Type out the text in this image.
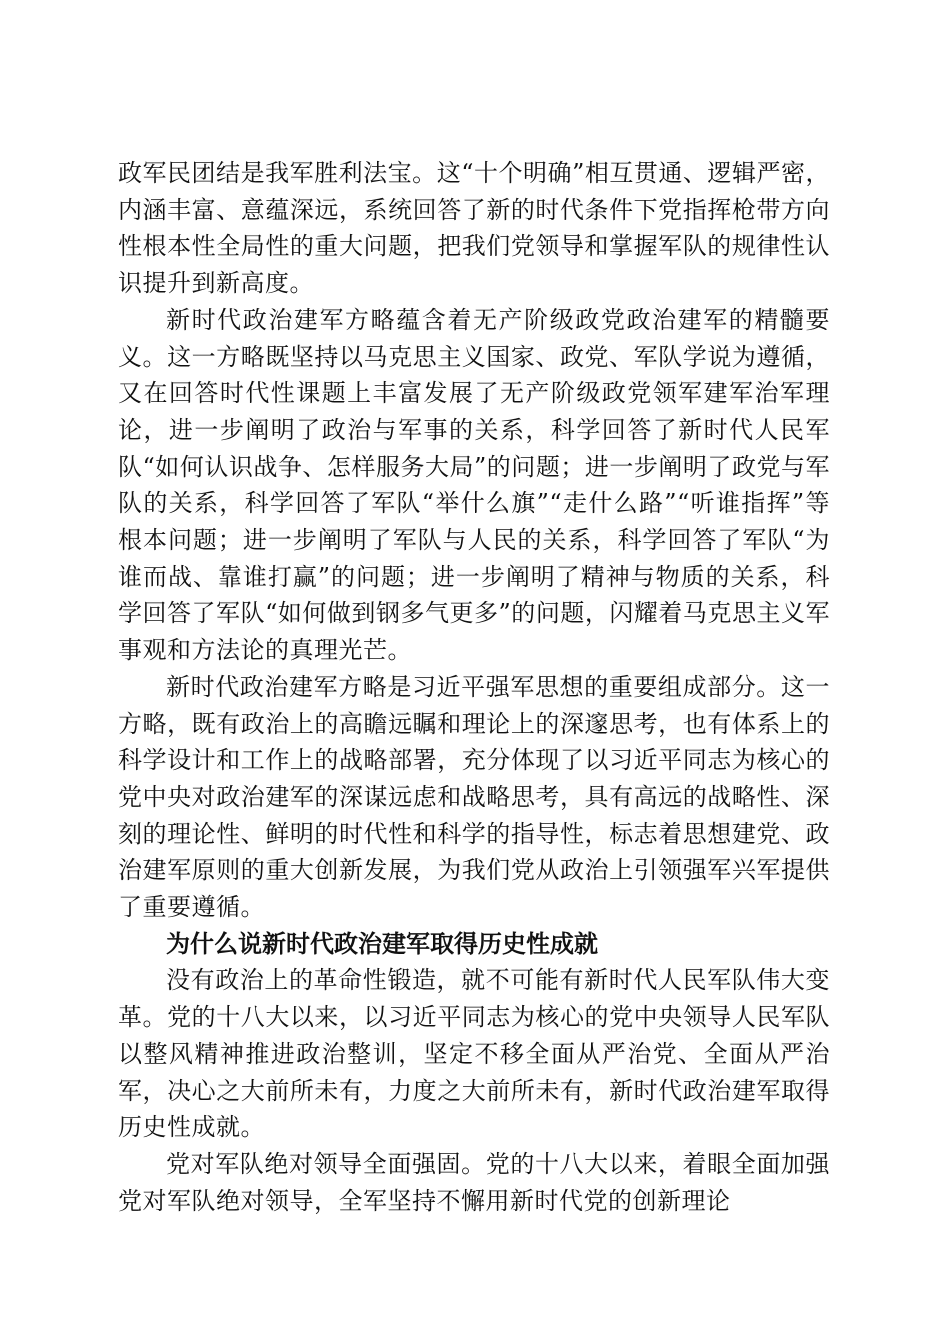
政军民团结是我军胜利法宝。这“十个明确”相互贯通、逻辑严密，内涵丰富、意蕴深远，系统回答了新的时代条件下党指挥枪带方向性根本性全局性的重大问题，把我们党领导和掌握军队的规律性认识提升到新高度。

新时代政治建军方略蕴含着无产阶级政党政治建军的精髓要义。这一方略既坚持以马克思主义国家、政党、军队学说为遵循，又在回答时代性课题上丰富发展了无产阶级政党领军建军治军理论，进一步阐明了政治与军事的关系，科学回答了新时代人民军队“如何认识战争、怎样服务大局”的问题；进一步阐明了政党与军队的关系，科学回答了军队“举什么旗”“走什么路”“听谁指挥”等根本问题；进一步阐明了军队与人民的关系，科学回答了军队“为谁而战、靠谁打赢”的问题；进一步阐明了精神与物质的关系，科学回答了军队“如何做到钢多气更多”的问题，闪耀着马克思主义军事观和方法论的真理光芒。

新时代政治建军方略是习近平强军思想的重要组成部分。这一方略，既有政治上的高瞻远瞩和理论上的深邃思考，也有体系上的科学设计和工作上的战略部署，充分体现了以习近平同志为核心的党中央对政治建军的深谋远虑和战略思考，具有高远的战略性、深刻的理论性、鲜明的时代性和科学的指导性，标志着思想建党、政治建军原则的重大创新发展，为我们党从政治上引领强军兴军提供了重要遵循。

为什么说新时代政治建军取得历史性成就

没有政治上的革命性锻造，就不可能有新时代人民军队伟大变革。党的十八大以来，以习近平同志为核心的党中央领导人民军队以整风精神推进政治整训，坚定不移全面从严治党、全面从严治军，决心之大前所未有，力度之大前所未有，新时代政治建军取得历史性成就。

党对军队绝对领导全面强固。党的十八大以来，着眼全面加强党对军队绝对领导，全军坚持不懈用新时代党的创新理论
